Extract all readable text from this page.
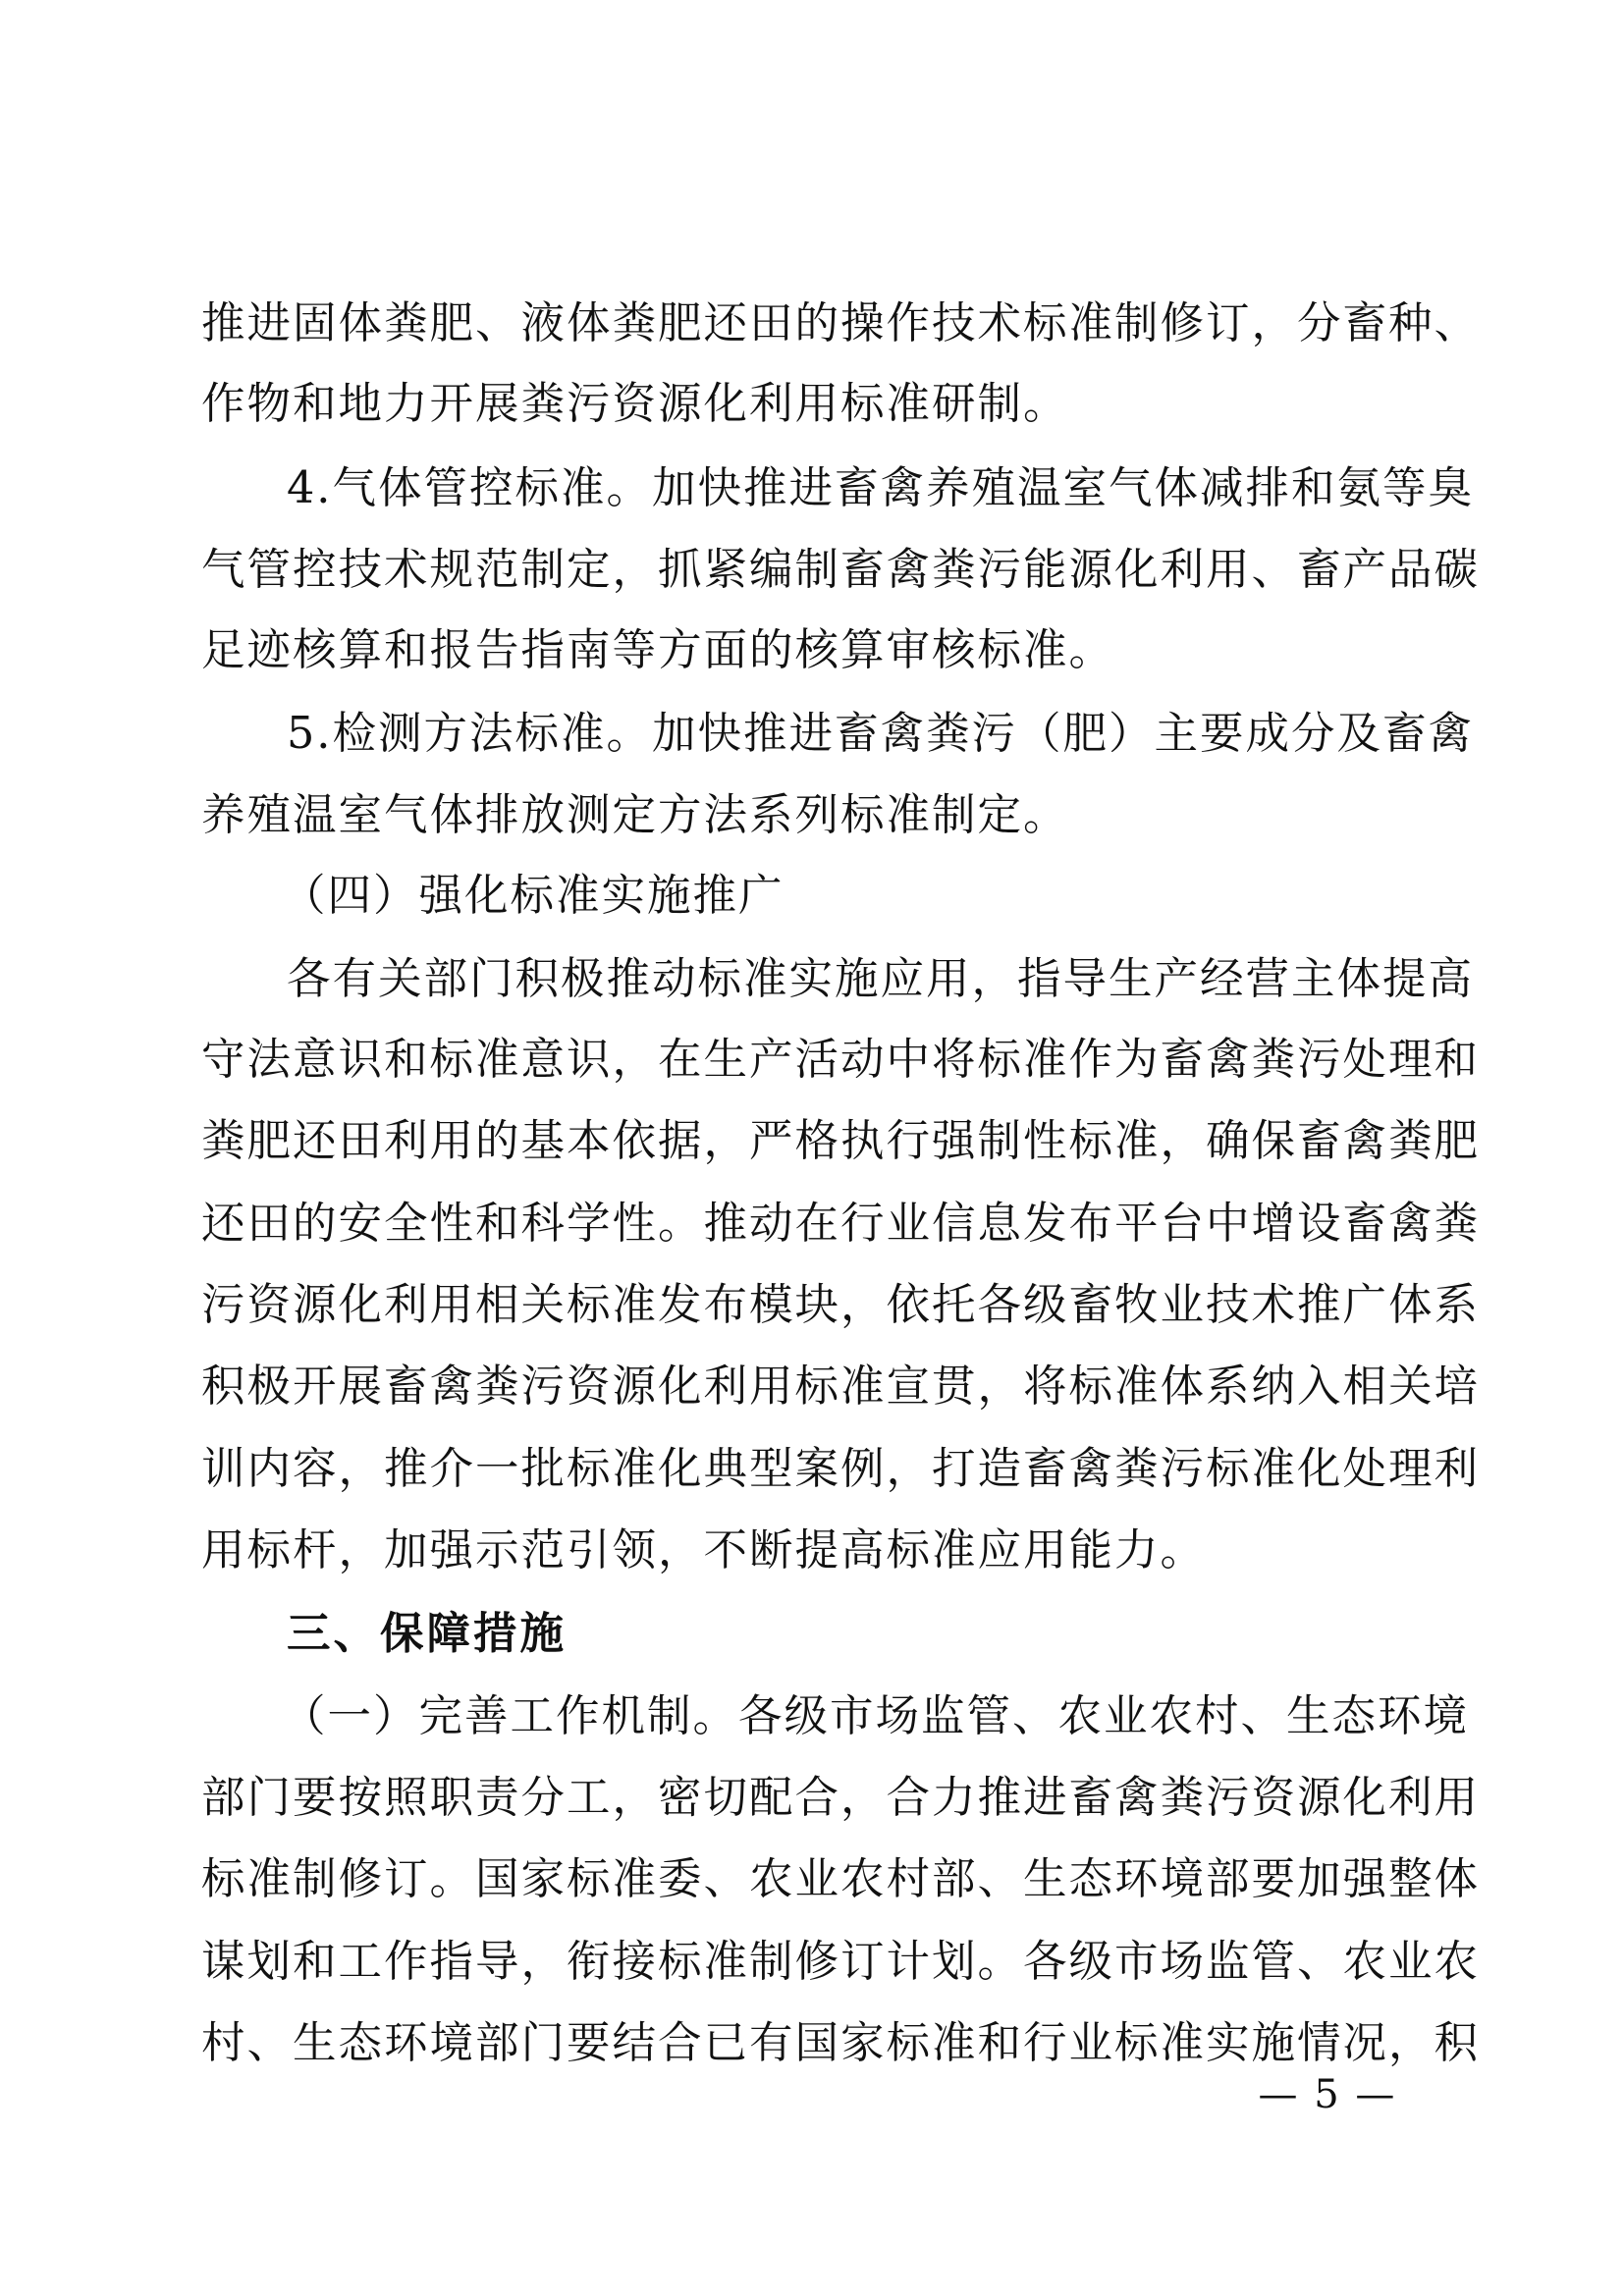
推进固体粪肥、液体粪肥还田的操作技术标准制修订，分畜种、
作物和地力开展粪污资源化利用标准研制。
4.气体管控标准。加快推进畜禽养殖温室气体减排和氨等臭
气管控技术规范制定，抓紧编制畜禽粪污能源化利用、畜产品碳
足迹核算和报告指南等方面的核算审核标准。
5.检测方法标准。加快推进畜禽粪污（肥）主要成分及畜禽
养殖温室气体排放测定方法系列标准制定。
（四）强化标准实施推广
各有关部门积极推动标准实施应用，指导生产经营主体提高
守法意识和标准意识，在生产活动中将标准作为畜禽粪污处理和
粪肥还田利用的基本依据，严格执行强制性标准，确保畜禽粪肥
还田的安全性和科学性。推动在行业信息发布平台中增设畜禽粪
污资源化利用相关标准发布模块，依托各级畜牧业技术推广体系
积极开展畜禽粪污资源化利用标准宣贯，将标准体系纳入相关培
训内容，推介一批标准化典型案例，打造畜禽粪污标准化处理利
用标杆，加强示范引领，不断提高标准应用能力。
三、保障措施
（一）完善工作机制。各级市场监管、农业农村、生态环境
部门要按照职责分工，密切配合，合力推进畜禽粪污资源化利用
标准制修订。国家标准委、农业农村部、生态环境部要加强整体
谋划和工作指导，衔接标准制修订计划。各级市场监管、农业农
村、生态环境部门要结合已有国家标准和行业标准实施情况，积
— 5 —
